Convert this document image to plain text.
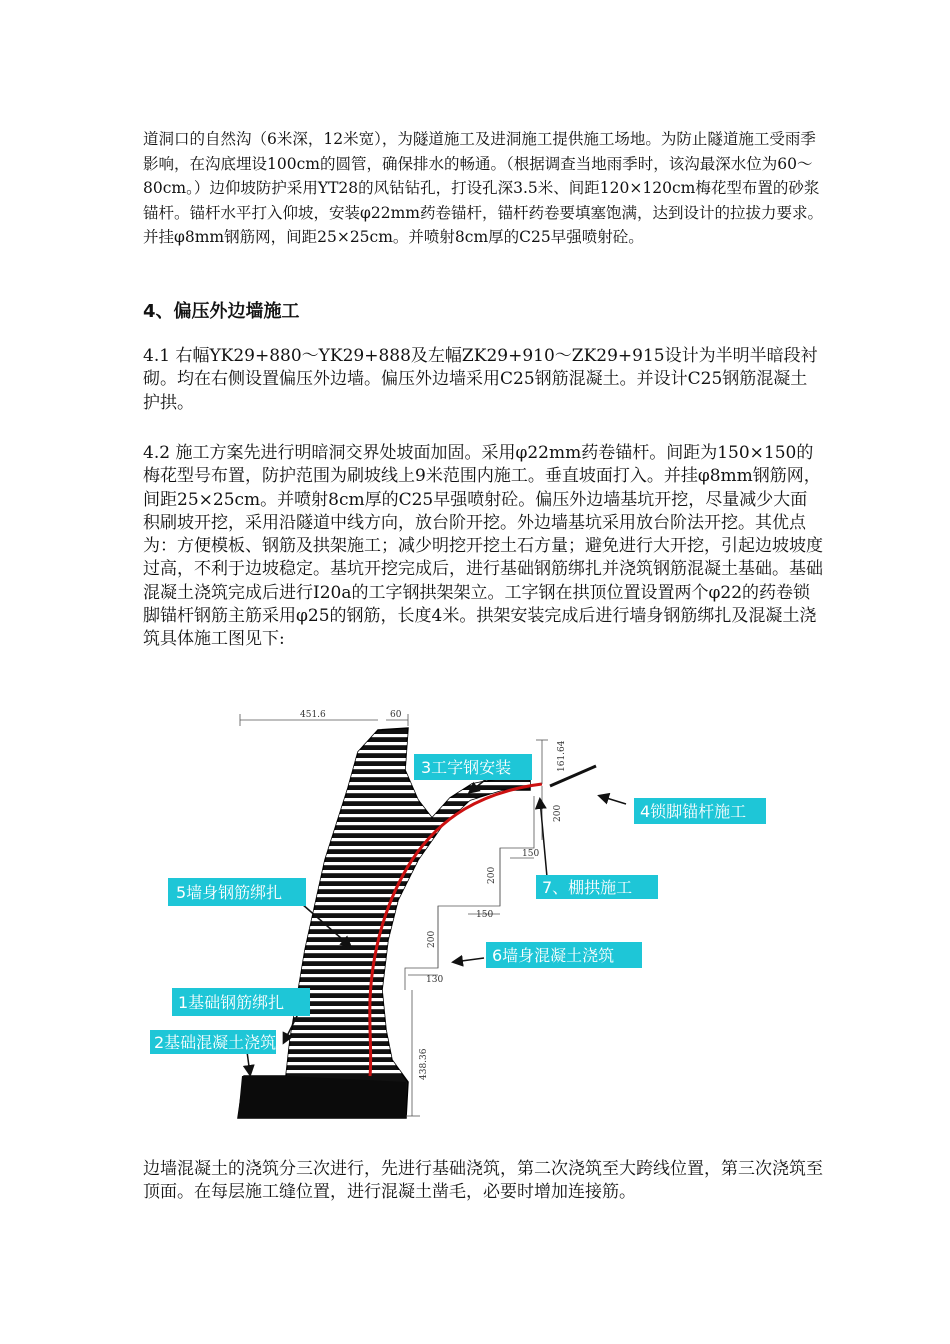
道洞口的自然沟（6米深，12米宽），为隧道施工及进洞施工提供施工场地。为防止隧道施工受雨季影响，在沟底埋设100cm的圆管，确保排水的畅通。（根据调查当地雨季时，该沟最深水位为60～80cm。）边仰坡防护采用YT28的风钻钻孔，打设孔深3.5米、间距120×120cm梅花型布置的砂浆锚杆。锚杆水平打入仰坡，安装φ22mm药卷锚杆，锚杆药卷要填塞饱满，达到设计的拉拔力要求。并挂φ8mm钢筋网，间距25×25cm。并喷射8cm厚的C25早强喷射砼。

4、偏压外边墙施工

4.1 右幅YK29+880～YK29+888及左幅ZK29+910～ZK29+915设计为半明半暗段衬砌。均在右侧设置偏压外边墙。偏压外边墙采用C25钢筋混凝土。并设计C25钢筋混凝土护拱。

4.2 施工方案先进行明暗洞交界处坡面加固。采用φ22mm药卷锚杆。间距为150×150的梅花型号布置，防护范围为刷坡线上9米范围内施工。垂直坡面打入。并挂φ8mm钢筋网，间距25×25cm。并喷射8cm厚的C25早强喷射砼。偏压外边墙基坑开挖，尽量减少大面积刷坡开挖，采用沿隧道中线方向，放台阶开挖。外边墙基坑采用放台阶法开挖。其优点为：方便模板、钢筋及拱架施工；减少明挖开挖土石方量；避免进行大开挖，引起边坡坡度过高，不利于边坡稳定。基坑开挖完成后，进行基础钢筋绑扎并浇筑钢筋混凝土基础。基础混凝土浇筑完成后进行I20a的工字钢拱架架立。工字钢在拱顶位置设置两个φ22的药卷锁脚锚杆钢筋主筋采用φ25的钢筋，长度4米。拱架安装完成后进行墙身钢筋绑扎及混凝土浇筑具体施工图见下:

451.6	60
161.64
200
150
200
150
200
130
438.36
3工字钢安装
4锁脚锚杆施工
5墙身钢筋绑扎	7、棚拱施工
6墙身混凝土浇筑
1基础钢筋绑扎
2基础混凝土浇筑

边墙混凝土的浇筑分三次进行，先进行基础浇筑，第二次浇筑至大跨线位置，第三次浇筑至顶面。在每层施工缝位置，进行混凝土凿毛，必要时增加连接筋。
